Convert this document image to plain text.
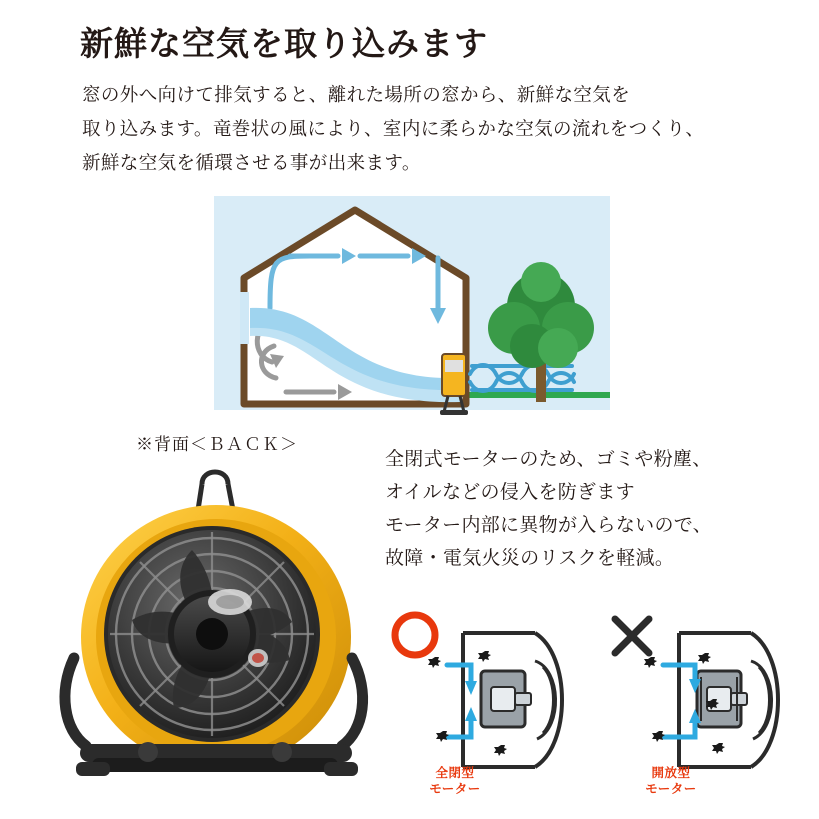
新鮮な空気を取り込みます
窓の外へ向けて排気すると、離れた場所の窓から、新鮮な空気を
取り込みます。竜巻状の風により、室内に柔らかな空気の流れをつくり、
新鮮な空気を循環させる事が出来ます。
※背面＜ＢＡＣＫ＞
全閉式モーターのため、ゴミや粉塵、
オイルなどの侵入を防ぎます
モーター内部に異物が入らないので、
故障・電気火災のリスクを軽減。
全閉型
モーター
開放型
モーター
